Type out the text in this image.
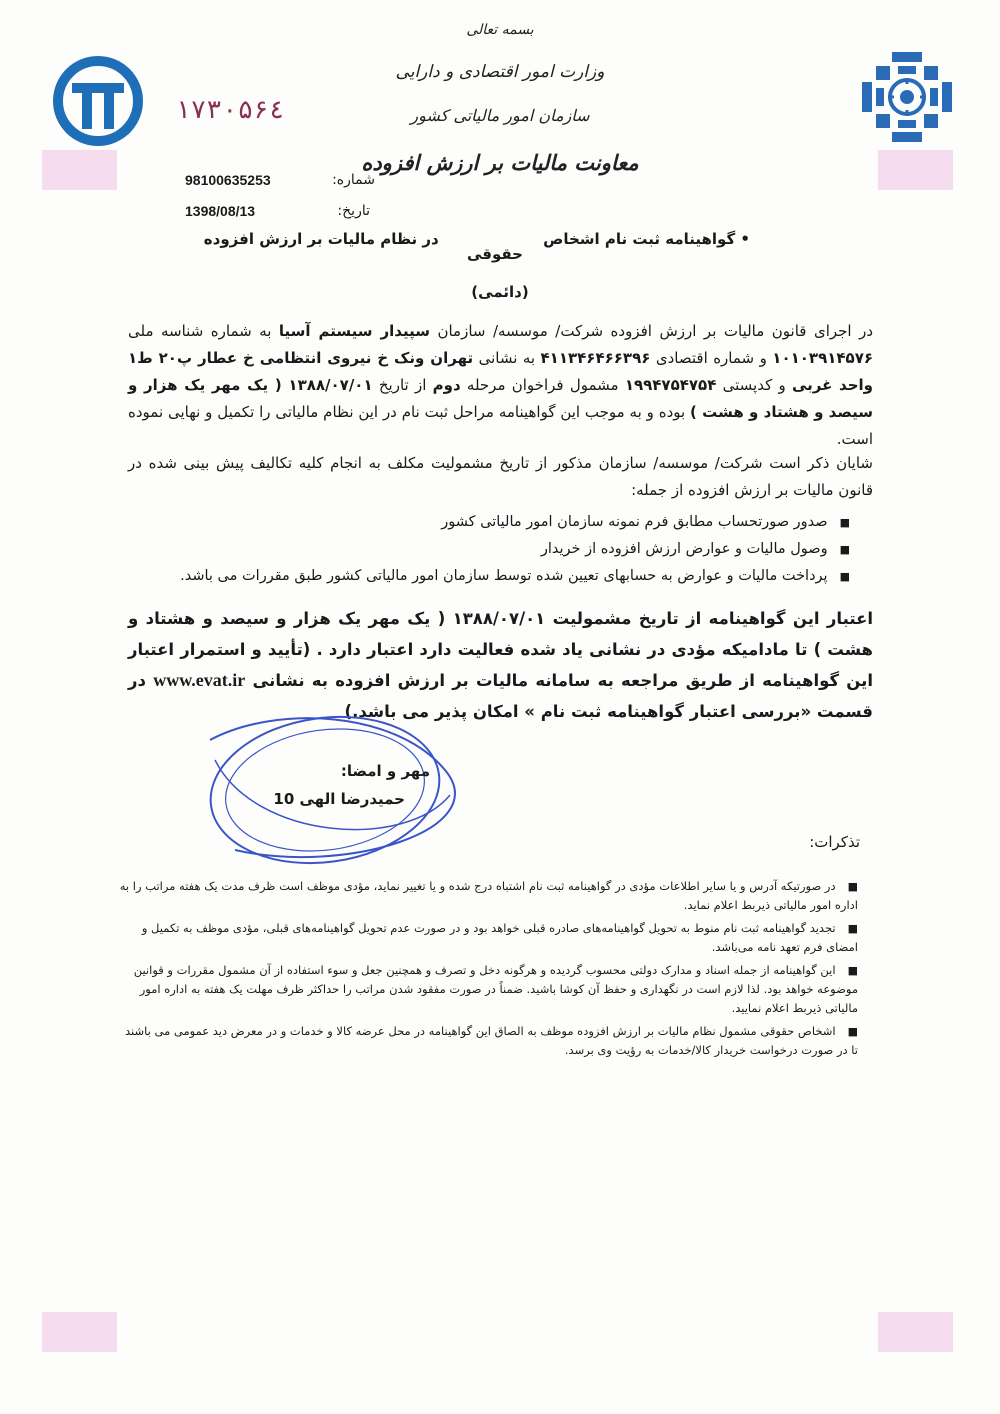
بسمه تعالی
وزارت امور اقتصادی و دارایی
سازمان امور مالیاتی کشور
معاونت مالیات بر ارزش افزوده
۱۷۳۰۵۶٤
شماره:
98100635253
تاریخ:
1398/08/13
• گواهینامه ثبت نام اشخاص                    در نظام مالیات بر ارزش افزوده
حقوقی
(دائمی)
در اجرای قانون مالیات بر ارزش افزوده شرکت/ موسسه/ سازمان سپیدار سیستم آسیا به شماره شناسه ملی ۱۰۱۰۳۹۱۴۵۷۶ و شماره اقتصادی ۴۱۱۳۴۶۴۶۶۳۹۶ به نشانی تهران ونک خ نیروی انتظامی خ عطار پ۲۰ ط۱ واحد غربی و کدپستی ۱۹۹۴۷۵۴۷۵۴ مشمول فراخوان مرحله دوم از تاریخ ۱۳۸۸/۰۷/۰۱ ( یک مهر یک هزار و سیصد و هشتاد و هشت ) بوده و به موجب این گواهینامه مراحل ثبت نام در این نظام مالیاتی را تکمیل و نهایی نموده است.
شایان ذکر است شرکت/ موسسه/ سازمان مذکور از تاریخ مشمولیت مکلف به انجام کلیه تکالیف پیش بینی شده در قانون مالیات بر ارزش افزوده از جمله:
■ صدور صورتحساب مطابق فرم نمونه سازمان امور مالیاتی کشور
■ وصول مالیات و عوارض ارزش افزوده از خریدار
■ پرداخت مالیات و عوارض به حسابهای تعیین شده توسط سازمان امور مالیاتی کشور طبق مقررات می باشد.
اعتبار این گواهینامه از تاریخ مشمولیت ۱۳۸۸/۰۷/۰۱ ( یک مهر یک هزار و سیصد و هشتاد و هشت ) تا مادامیکه مؤدی در نشانی یاد شده فعالیت دارد اعتبار دارد . (تأیید و استمرار اعتبار این گواهینامه از طریق مراجعه به سامانه مالیات بر ارزش افزوده به نشانی www.evat.ir در قسمت «بررسی اعتبار گواهینامه ثبت نام » امکان پذیر می باشد.)
مهر و امضا:
حمیدرضا الهی 10
تذکرات:
■ در صورتیکه آدرس و یا سایر اطلاعات مؤدی در گواهینامه ثبت نام اشتباه درج شده و یا تغییر نماید، مؤدی موظف است ظرف مدت یک هفته مراتب را به اداره امور مالیاتی ذیربط اعلام نماید.
■ تجدید گواهینامه ثبت نام منوط به تحویل گواهینامه‌های صادره قبلی خواهد بود و در صورت عدم تحویل گواهینامه‌های قبلی، مؤدی موظف به تکمیل و امضای فرم تعهد نامه می‌باشد.
■ این گواهینامه از جمله اسناد و مدارک دولتی محسوب گردیده و هرگونه دخل و تصرف و همچنین جعل و سوء استفاده از آن مشمول مقررات و قوانین موضوعه خواهد بود. لذا لازم است در نگهداری و حفظ آن کوشا باشید. ضمناً در صورت مفقود شدن مراتب را حداکثر ظرف مهلت یک هفته به اداره امور مالیاتی ذیربط اعلام نمایید.
■ اشخاص حقوقی مشمول نظام مالیات بر ارزش افزوده موظف به الصاق این گواهینامه در محل عرضه کالا و خدمات و در معرض دید عمومی می باشند تا در صورت درخواست خریدار کالا/خدمات به رؤیت وی برسد.
